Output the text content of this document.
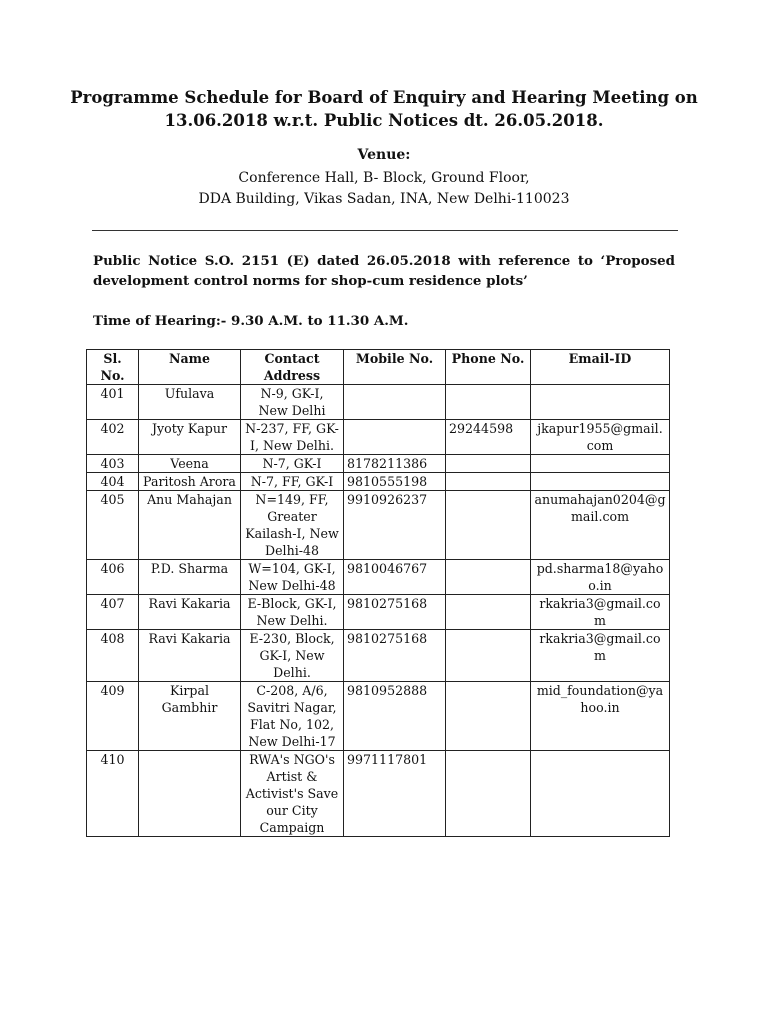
Programme Schedule for Board of Enquiry and Hearing Meeting on
13.06.2018 w.r.t. Public Notices dt. 26.05.2018.
Venue:
Conference Hall, B- Block, Ground Floor,
DDA Building, Vikas Sadan, INA, New Delhi-110023
Public Notice S.O. 2151 (E) dated 26.05.2018 with reference to ‘Proposed development control norms for shop-cum residence plots’
Time of Hearing:- 9.30 A.M. to 11.30 A.M.
Sl. No.	Name	Contact Address	Mobile No.	Phone No.	Email-ID
401	Ufulava	N-9, GK-I, New Delhi			
402	Jyoty Kapur	N-237, FF, GK-I, New Delhi.		29244598	jkapur1955@gmail.com
403	Veena	N-7, GK-I	8178211386		
404	Paritosh Arora	N-7, FF, GK-I	9810555198		
405	Anu Mahajan	N=149, FF, Greater Kailash-I, New Delhi-48	9910926237		anumahajan0204@gmail.com
406	P.D. Sharma	W=104, GK-I, New Delhi-48	9810046767		pd.sharma18@yahoo.in
407	Ravi Kakaria	E-Block, GK-I, New Delhi.	9810275168		rkakria3@gmail.com
408	Ravi Kakaria	E-230, Block, GK-I, New Delhi.	9810275168		rkakria3@gmail.com
409	Kirpal Gambhir	C-208, A/6, Savitri Nagar, Flat No, 102, New Delhi-17	9810952888		mid_foundation@yahoo.in
410		RWA's NGO's Artist & Activist's Save our City Campaign	9971117801		
